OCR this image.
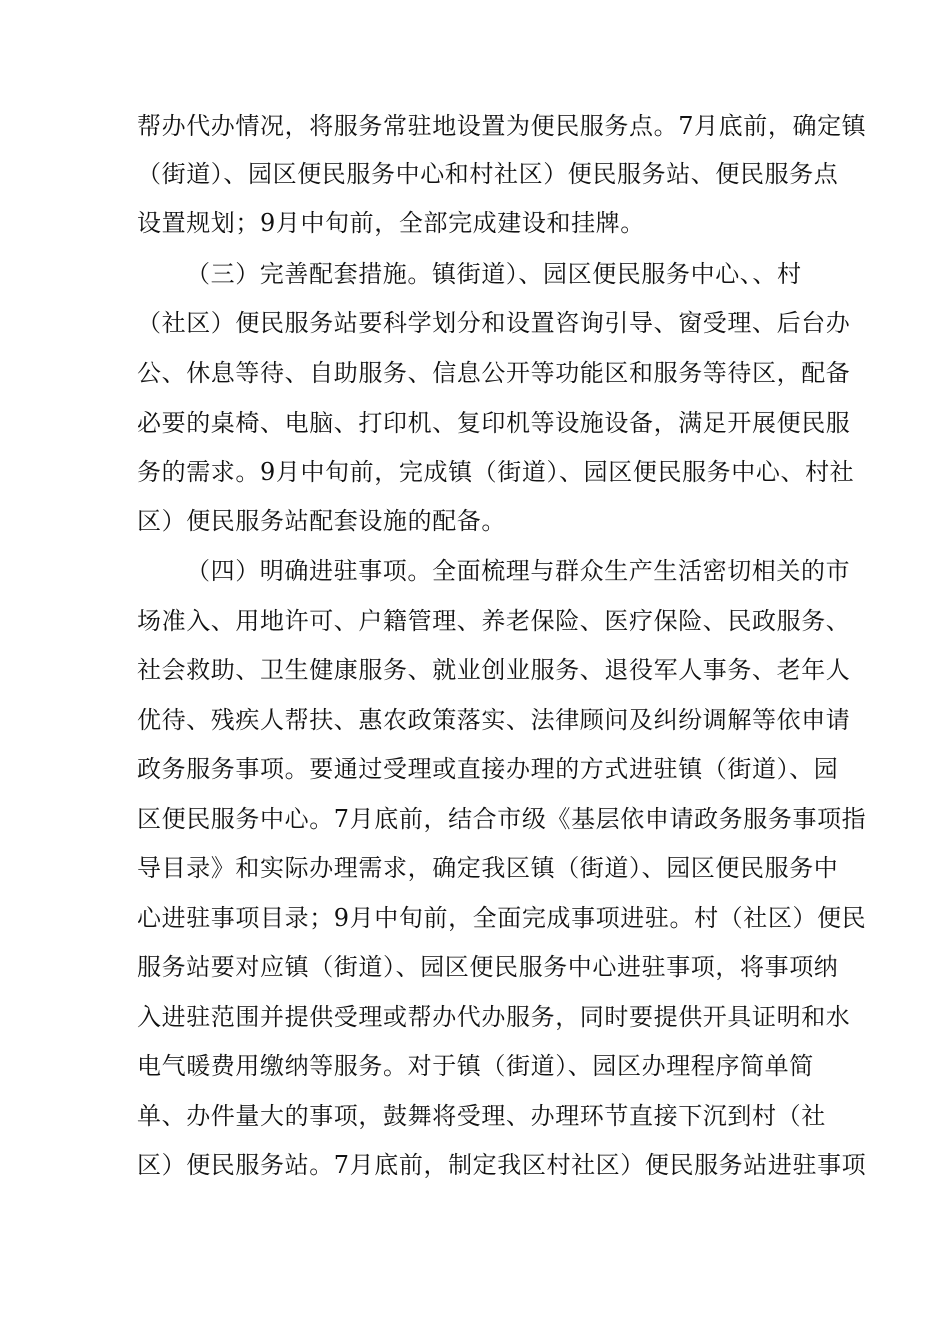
帮办代办情况，将服务常驻地设置为便民服务点。7月底前，确定镇
（街道）、园区便民服务中心和村社区）便民服务站、便民服务点
设置规划；9月中旬前，全部完成建设和挂牌。
（三）完善配套措施。镇街道）、园区便民服务中心、、村
（社区）便民服务站要科学划分和设置咨询引导、窗受理、后台办
公、休息等待、自助服务、信息公开等功能区和服务等待区，配备
必要的桌椅、电脑、打印机、复印机等设施设备，满足开展便民服
务的需求。9月中旬前，完成镇（街道）、园区便民服务中心、村社
区）便民服务站配套设施的配备。
（四）明确进驻事项。全面梳理与群众生产生活密切相关的市
场准入、用地许可、户籍管理、养老保险、医疗保险、民政服务、
社会救助、卫生健康服务、就业创业服务、退役军人事务、老年人
优待、残疾人帮扶、惠农政策落实、法律顾问及纠纷调解等依申请
政务服务事项。要通过受理或直接办理的方式进驻镇（街道）、园
区便民服务中心。7月底前，结合市级《基层依申请政务服务事项指
导目录》和实际办理需求，确定我区镇（街道）、园区便民服务中
心进驻事项目录；9月中旬前，全面完成事项进驻。村（社区）便民
服务站要对应镇（街道）、园区便民服务中心进驻事项，将事项纳
入进驻范围并提供受理或帮办代办服务，同时要提供开具证明和水
电气暖费用缴纳等服务。对于镇（街道）、园区办理程序简单简
单、办件量大的事项，鼓舞将受理、办理环节直接下沉到村（社
区）便民服务站。7月底前，制定我区村社区）便民服务站进驻事项
